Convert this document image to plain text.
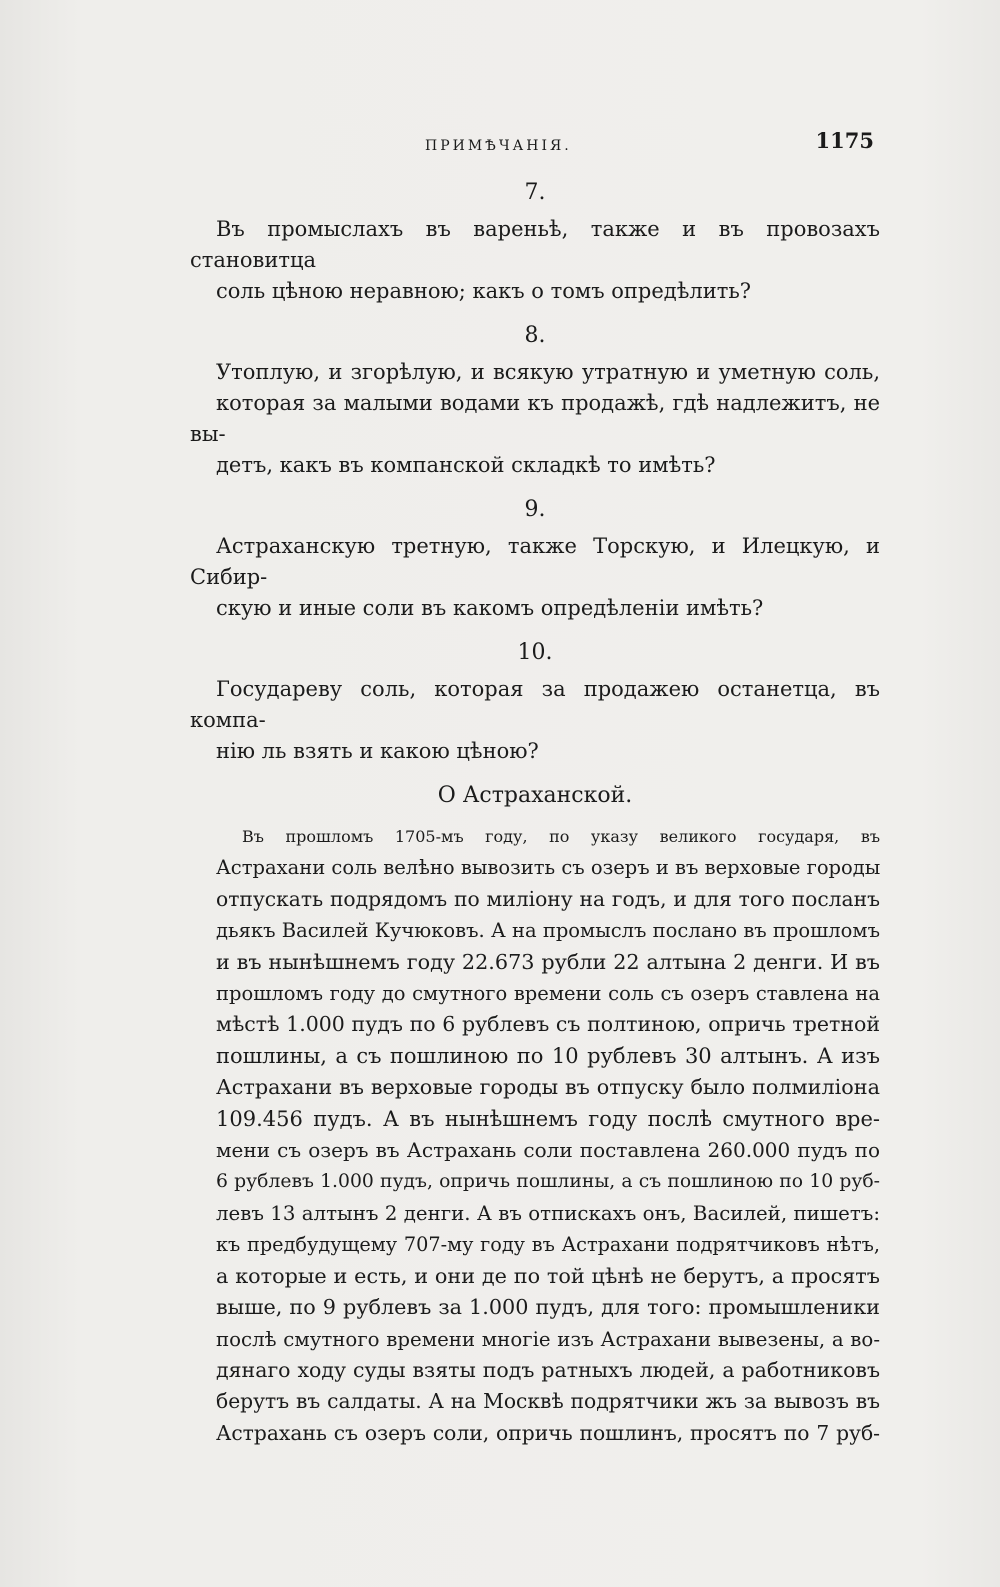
ПРИМѢЧАНІЯ.	1175
7.
Въ промыслахъ въ вареньѣ, также и въ провозахъ становитца
соль цѣною неравною; какъ о томъ опредѣлить?
8.
Утоплую, и згорѣлую, и всякую утратную и уметную соль,
которая за малыми водами къ продажѣ, гдѣ надлежитъ, не вы-
детъ, какъ въ компанской складкѣ то имѣть?
9.
Астраханскую третную, также Торскую, и Илецкую, и Сибир-
скую и иные соли въ какомъ опредѣленіи имѣть?
10.
Государеву соль, которая за продажею останетца, въ компа-
нію ль взять и какою цѣною?
О Астраханской.
Въ прошломъ 1705-мъ году, по указу великого государя, въ
Астрахани соль велѣно вывозить съ озеръ и въ верховые городы
отпускать подрядомъ по миліону на годъ, и для того посланъ
дьякъ Василей Кучюковъ. А на промыслъ послано въ прошломъ
и въ нынѣшнемъ году 22.673 рубли 22 алтына 2 денги. И въ
прошломъ году до смутного времени соль съ озеръ ставлена на
мѣстѣ 1.000 пудъ по 6 рублевъ съ полтиною, опричь третной
пошлины, а съ пошлиною по 10 рублевъ 30 алтынъ. А изъ
Астрахани въ верховые городы въ отпуску было полмиліона
109.456 пудъ. А въ нынѣшнемъ году послѣ смутного вре-
мени съ озеръ въ Астрахань соли поставлена 260.000 пудъ по
6 рублевъ 1.000 пудъ, опричь пошлины, а съ пошлиною по 10 руб-
левъ 13 алтынъ 2 денги. А въ отпискахъ онъ, Василей, пишетъ:
къ предбудущему 707-му году въ Астрахани подрятчиковъ нѣтъ,
а которые и есть, и они де по той цѣнѣ не берутъ, а просятъ
выше, по 9 рублевъ за 1.000 пудъ, для того: промышленики
послѣ смутного времени многіе изъ Астрахани вывезены, а во-
дянаго ходу суды взяты подъ ратныхъ людей, а работниковъ
берутъ въ салдаты. А на Москвѣ подрятчики жъ за вывозъ въ
Астрахань съ озеръ соли, опричь пошлинъ, просятъ по 7 руб-
